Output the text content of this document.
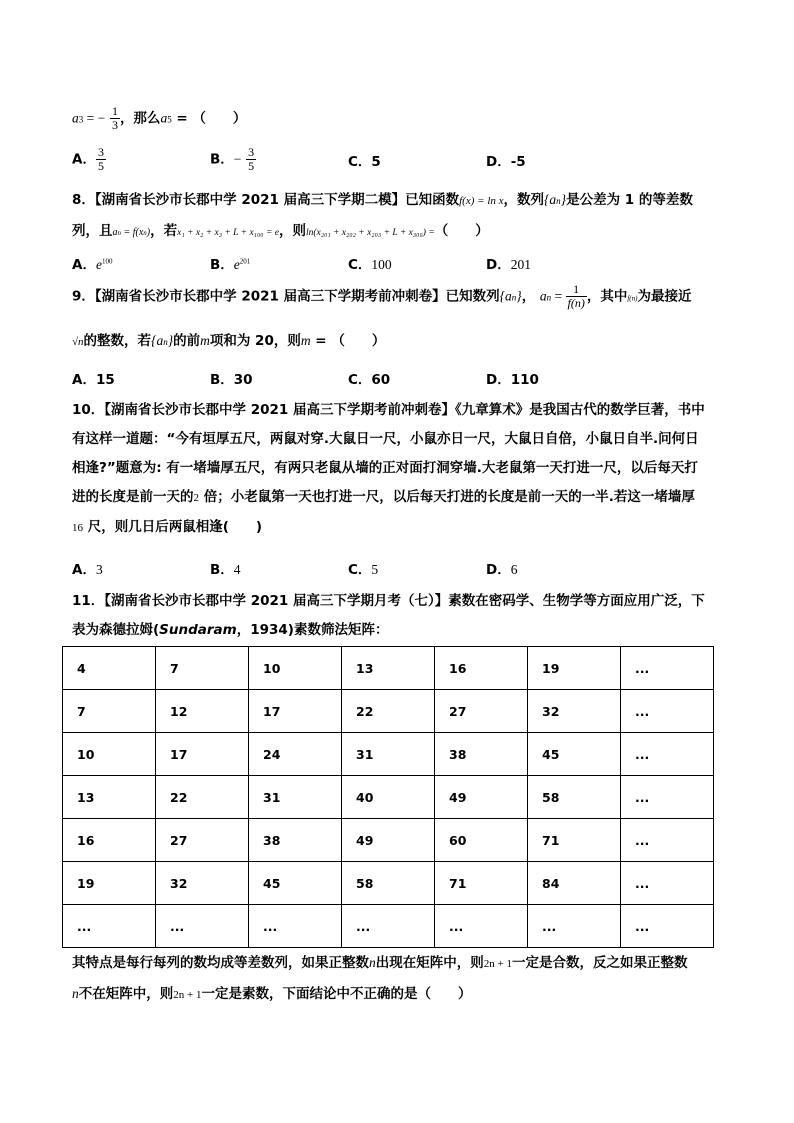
a3 = − $\frac{1}{3}$ ，那么a5 = （　　）
A． $\frac{3}{5}$	B．− $\frac{3}{5}$	C．5	D．-5
8．【湖南省长沙市长郡中学 2021 届高三下学期二模】已知函数f(x) = ln x，数列{an}是公差为 1 的等差数
列，且an = f(xn)，若x₁ + x₂ + x₃ + L + x₁₀₀ = e，则ln(x₂₀₁ + x₂₀₂ + x₂₀₃ + L + x₃₀₀) =（　　）
A．$e^{100}$	B．$e^{201}$	C．100	D．201
9．【湖南省长沙市长郡中学 2021 届高三下学期考前冲刺卷】已知数列{an}， an = $\frac{1}{f(n)}$ ，其中f(n)为最接近
√n的整数，若{an}的前m项和为 20，则m = （　　）
A．15	B．30	C．60	D．110
10．【湖南省长沙市长郡中学 2021 届高三下学期考前冲刺卷】《九章算术》是我国古代的数学巨著，书中
有这样一道题：“今有垣厚五尺，两鼠对穿.大鼠日一尺，小鼠亦日一尺，大鼠日自倍，小鼠日自半.问何日
相逢?”题意为: 有一堵墙厚五尺，有两只老鼠从墙的正对面打洞穿墙.大老鼠第一天打进一尺，以后每天打
进的长度是前一天的2 倍；小老鼠第一天也打进一尺，以后每天打进的长度是前一天的一半.若这一堵墙厚
16 尺，则几日后两鼠相逢(　　)
A．3	B．4	C．5	D．6
11．【湖南省长沙市长郡中学 2021 届高三下学期月考（七）】素数在密码学、生物学等方面应用广泛，下
表为森德拉姆(Sundaram，1934)素数筛法矩阵：
4	7	10	13	16	19	...
7	12	17	22	27	32	...
10	17	24	31	38	45	...
13	22	31	40	49	58	...
16	27	38	49	60	71	...
19	32	45	58	71	84	...
...	...	...	...	...	...	...
其特点是每行每列的数均成等差数列，如果正整数n出现在矩阵中，则2n + 1一定是合数，反之如果正整数
n不在矩阵中，则2n + 1一定是素数，下面结论中不正确的是（　　）
